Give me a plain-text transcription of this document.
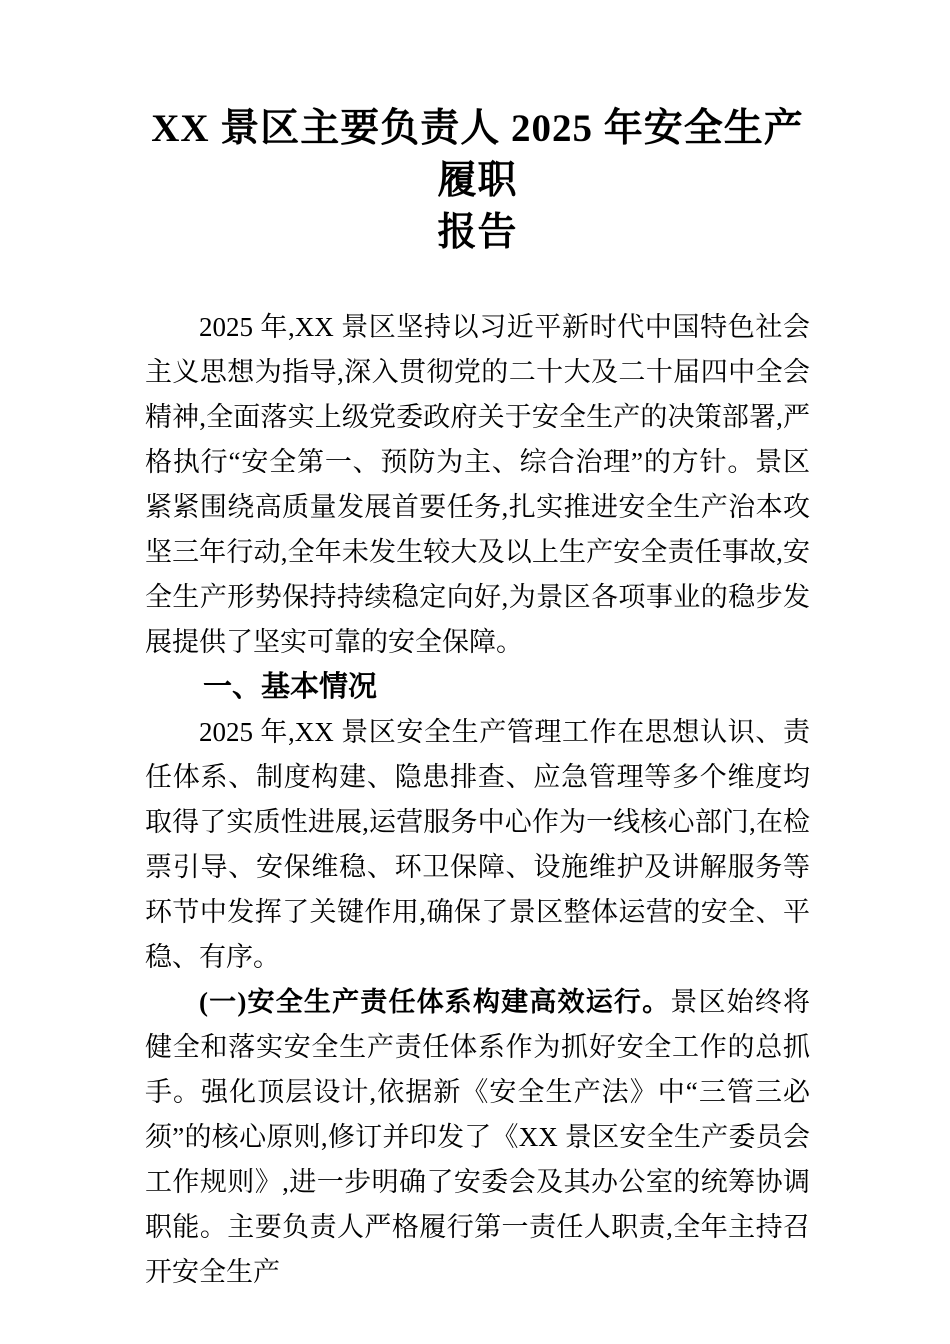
XX 景区主要负责人 2025 年安全生产履职
报告

2025 年,XX 景区坚持以习近平新时代中国特色社会主义思想为指导,深入贯彻党的二十大及二十届四中全会精神,全面落实上级党委政府关于安全生产的决策部署,严格执行“安全第一、预防为主、综合治理”的方针。景区紧紧围绕高质量发展首要任务,扎实推进安全生产治本攻坚三年行动,全年未发生较大及以上生产安全责任事故,安全生产形势保持持续稳定向好,为景区各项事业的稳步发展提供了坚实可靠的安全保障。

一、基本情况

2025 年,XX 景区安全生产管理工作在思想认识、责任体系、制度构建、隐患排查、应急管理等多个维度均取得了实质性进展,运营服务中心作为一线核心部门,在检票引导、安保维稳、环卫保障、设施维护及讲解服务等环节中发挥了关键作用,确保了景区整体运营的安全、平稳、有序。

(一)安全生产责任体系构建高效运行。景区始终将健全和落实安全生产责任体系作为抓好安全工作的总抓手。强化顶层设计,依据新《安全生产法》中“三管三必须”的核心原则,修订并印发了《XX 景区安全生产委员会工作规则》,进一步明确了安委会及其办公室的统筹协调职能。主要负责人严格履行第一责任人职责,全年主持召开安全生产
